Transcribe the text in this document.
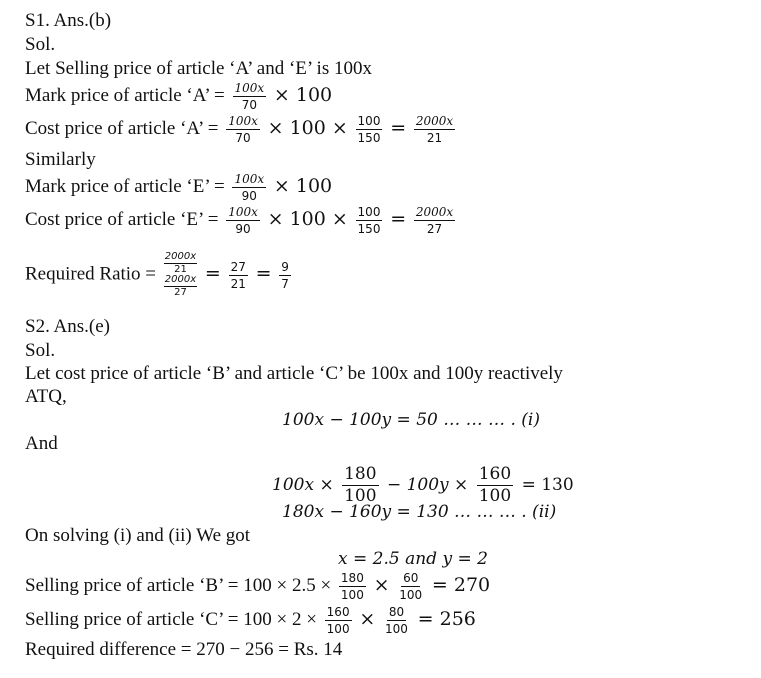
S1. Ans.(b)
Sol.
Let Selling price of article ‘A’ and ‘E’ is 100x
Mark price of article ‘A’ = $\frac{100x}{70} \times 100$
Cost price of article ‘A’ = $\frac{100x}{70} \times 100 \times \frac{100}{150} = \frac{2000x}{21}$
Similarly
Mark price of article ‘E’ = $\frac{100x}{90} \times 100$
Cost price of article ‘E’ = $\frac{100x}{90} \times 100 \times \frac{100}{150} = \frac{2000x}{27}$
Required Ratio =
2000x
21
2000x
27
= $\frac{27}{21} = \frac{9}{7}$
S2. Ans.(e)
Sol.
Let cost price of article ‘B’ and article ‘C’ be 100x and 100y reactively
ATQ,
100x − 100y = 50 … … … . (i)
And
$100x \times \frac{180}{100} - 100y \times \frac{160}{100} = 130$
180x − 160y = 130 … … … . (ii)
On solving (i) and (ii) We got
x = 2.5 and y = 2
Selling price of article ‘B’ = $100 \times 2.5 \times \frac{180}{100} \times \frac{60}{100} = 270$
Selling price of article ‘C’ = $100 \times 2 \times \frac{160}{100} \times \frac{80}{100} = 256$
Required difference = 270 − 256 = Rs. 14
